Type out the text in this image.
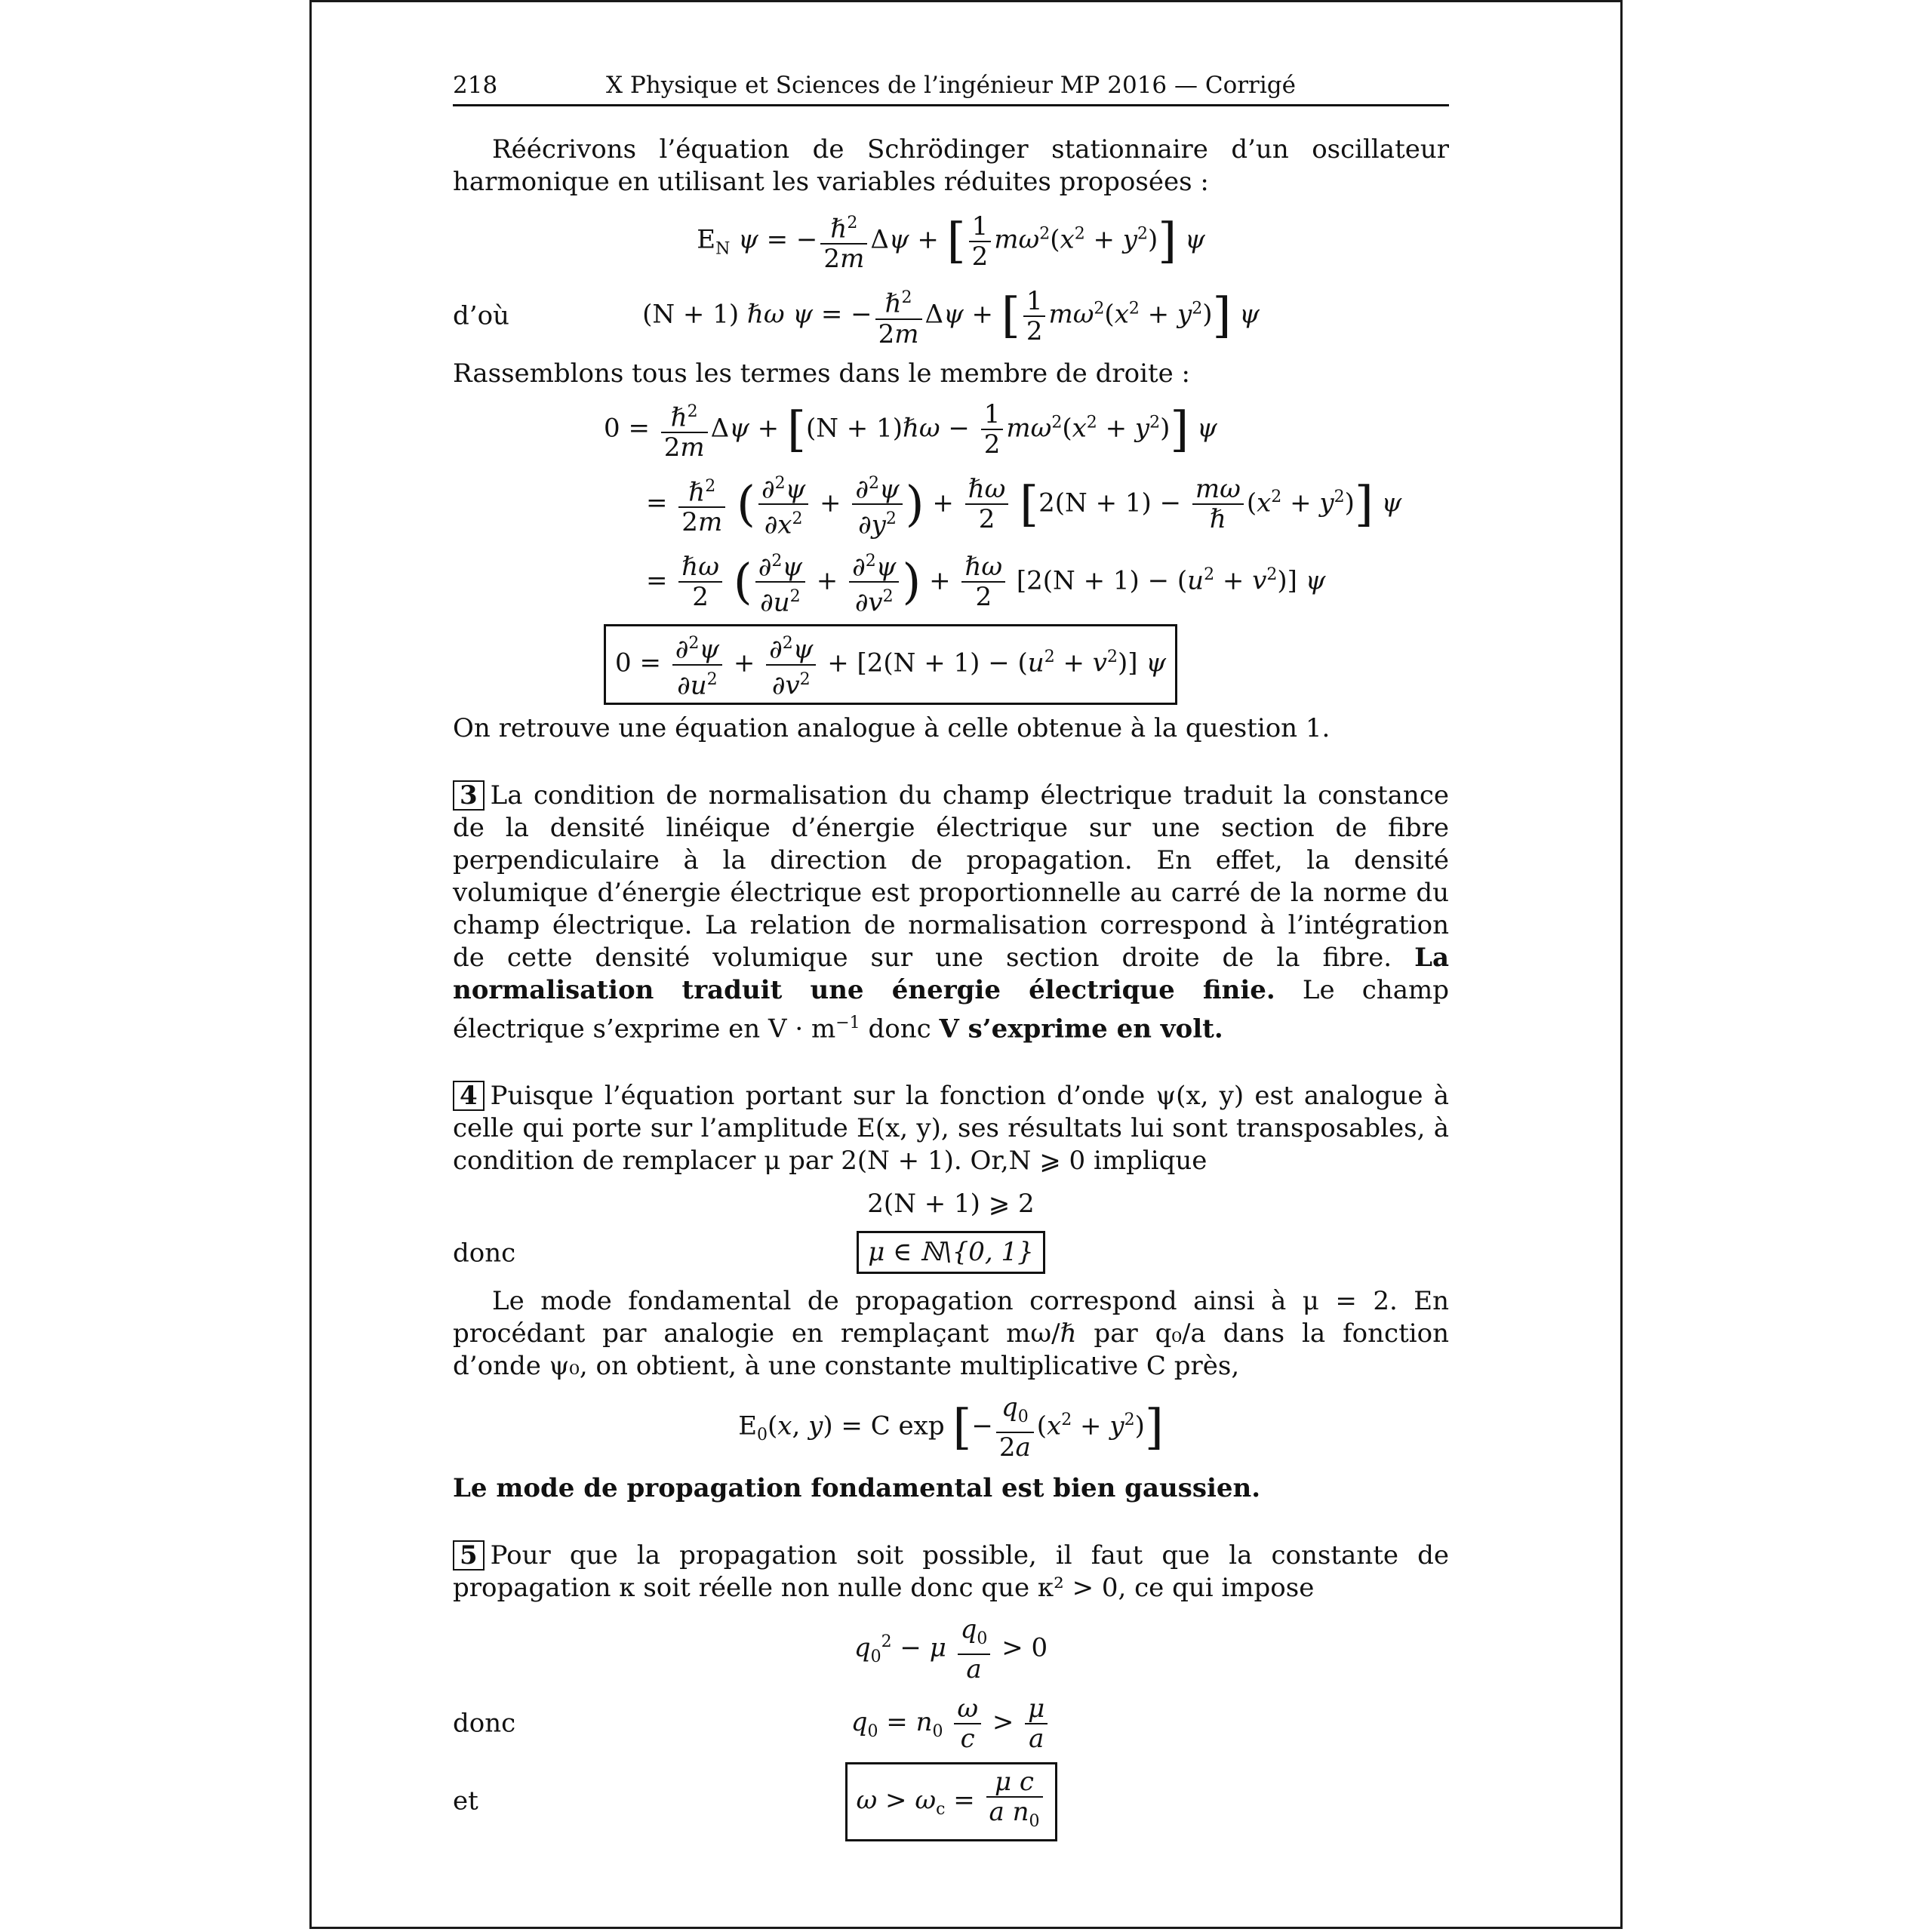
218	X Physique et Sciences de l’ingénieur MP 2016 — Corrigé

Réécrivons l’équation de Schrödinger stationnaire d’un oscillateur harmonique en utilisant les variables réduites proposées :

$E_N$ ψ = − $\frac{\hbar^2}{2m}$ Δψ + [ $\frac{1}{2} m\omega^2(x^2 + y^2)$] ψ
d’où	(N + 1) ℏω ψ = − $\frac{\hbar^2}{2m}$ Δψ + [ $\frac{1}{2} m\omega^2(x^2 + y^2)$] ψ

Rassemblons tous les termes dans le membre de droite :

$0 = \frac{\hbar^2}{2m}$ Δψ + [(N + 1)ℏω − $\frac{1}{2} m\omega^2(x^2 + y^2)$] ψ
= $\frac{\hbar^2}{2m}$ ( $\frac{\partial^2\psi}{\partial x^2} + \frac{\partial^2\psi}{\partial y^2}$ ) + $\frac{\text{ℏω}}{2} [2(N + 1) - \frac{m\omega}{\text{ℏ}} (x^2 + y^2)]$ ψ
= $\frac{\text{ℏω}}{2}$ ( $\frac{\partial^2\psi}{\partial u^2} + \frac{\partial^2\psi}{\partial v^2}$ ) + $\frac{\text{ℏω}}{2} [2(N + 1) - (u^2 + v^2)]$ ψ
$0 = \frac{\partial^2\psi}{\partial u^2} + \frac{\partial^2\psi}{\partial v^2} + [2(N + 1) - (u^2 + v^2)]$ ψ

On retrouve une équation analogue à celle obtenue à la question 1.

3 La condition de normalisation du champ électrique traduit la constance de la densité linéique d’énergie électrique sur une section de fibre perpendiculaire à la direction de propagation. En effet, la densité volumique d’énergie électrique est proportionnelle au carré de la norme du champ électrique. La relation de normalisation correspond à l’intégration de cette densité volumique sur une section droite de la fibre. La normalisation traduit une énergie électrique finie. Le champ électrique s’exprime en $V \cdot m^{-1}$ donc V s’exprime en volt.

4 Puisque l’équation portant sur la fonction d’onde ψ(x, y) est analogue à celle qui porte sur l’amplitude E(x, y), ses résultats lui sont transposables, à condition de remplacer μ par 2(N + 1). Or,N ⩾ 0 implique

2(N + 1) ⩾ 2
donc	μ ∈ ℕ\{0, 1}

Le mode fondamental de propagation correspond ainsi à μ = 2. En procédant par analogie en remplaçant mω/ℏ par q₀/a dans la fonction d’onde ψ₀, on obtient, à une constante multiplicative C près,

$E_0(x$, y) = C exp [− $\frac{q_0}{2a} (x^2 + y^2)$]

Le mode de propagation fondamental est bien gaussien.

5 Pour que la propagation soit possible, il faut que la constante de propagation κ soit réelle non nulle donc que κ² > 0, ce qui impose

$q_0^2 - \mu \frac{q_0}{a} > 0$
donc	$q_0 = n_0 \frac{\omega}{c} > \frac{\mu}{a}$
et	$\omega > \omega_c = \frac{\text{μ c}}{a n_0}$
